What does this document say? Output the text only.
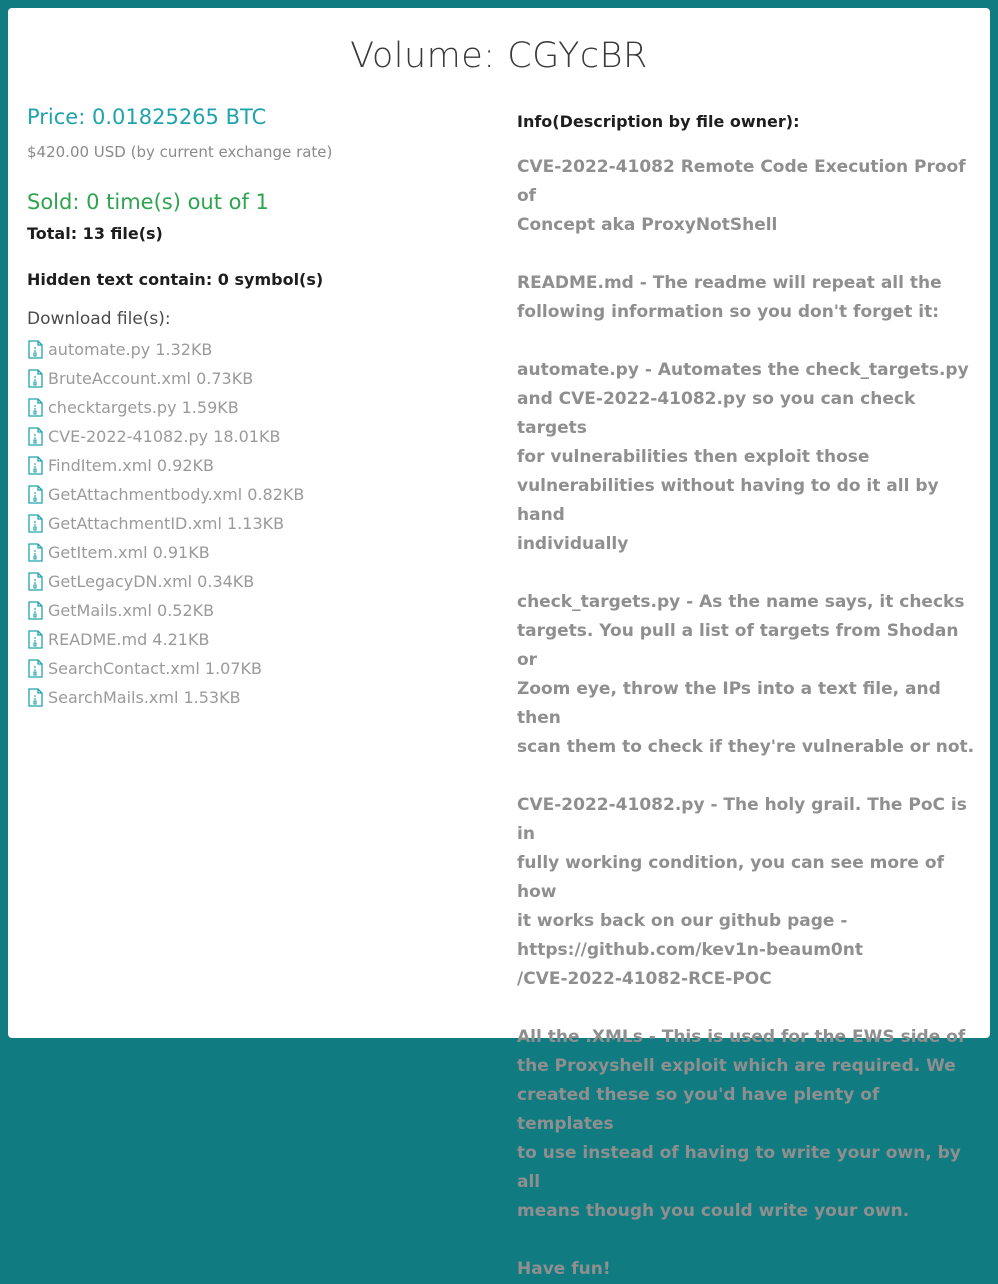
Volume: CGYcBR
Price: 0.01825265 BTC
$420.00 USD (by current exchange rate)
Sold: 0 time(s) out of 1
Total: 13 file(s)
Hidden text contain: 0 symbol(s)
Download file(s):
automate.py 1.32KB
BruteAccount.xml 0.73KB
checktargets.py 1.59KB
CVE-2022-41082.py 18.01KB
FindItem.xml 0.92KB
GetAttachmentbody.xml 0.82KB
GetAttachmentID.xml 1.13KB
GetItem.xml 0.91KB
GetLegacyDN.xml 0.34KB
GetMails.xml 0.52KB
README.md 4.21KB
SearchContact.xml 1.07KB
SearchMails.xml 1.53KB
Info(Description by file owner):
CVE-2022-41082 Remote Code Execution Proof of
Concept aka ProxyNotShell
README.md - The readme will repeat all the
following information so you don't forget it:
automate.py - Automates the check_targets.py
and CVE-2022-41082.py so you can check targets
for vulnerabilities then exploit those
vulnerabilities without having to do it all by hand
individually
check_targets.py - As the name says, it checks
targets. You pull a list of targets from Shodan or
Zoom eye, throw the IPs into a text file, and then
scan them to check if they're vulnerable or not.
CVE-2022-41082.py - The holy grail. The PoC is in
fully working condition, you can see more of how
it works back on our github page -
https://github.com/kev1n-beaum0nt
/CVE-2022-41082-RCE-POC
All the .XMLs - This is used for the EWS side of
the Proxyshell exploit which are required. We
created these so you'd have plenty of templates
to use instead of having to write your own, by all
means though you could write your own.
Have fun!
